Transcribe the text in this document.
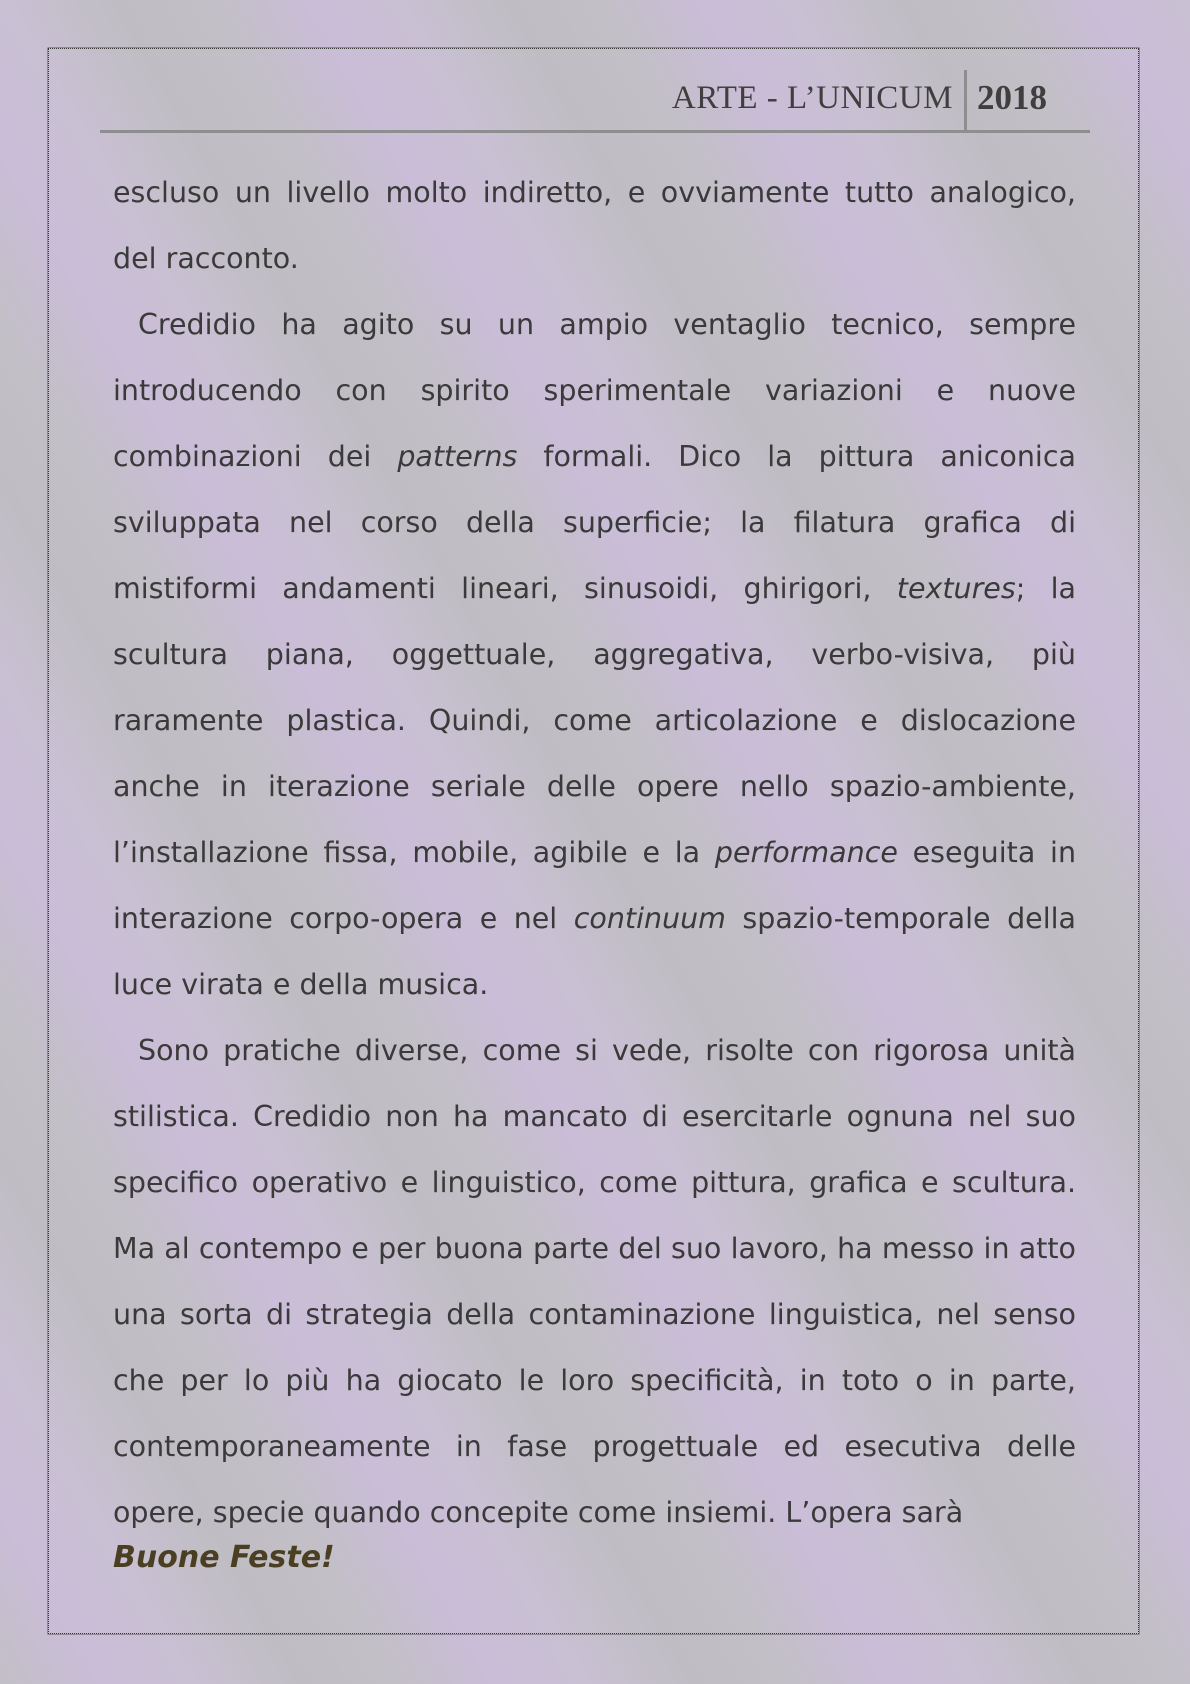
ARTE - L’UNICUM 2018

escluso un livello molto indiretto, e ovviamente tutto analogico, del racconto.

Credidio ha agito su un ampio ventaglio tecnico, sempre introducendo con spirito sperimentale variazioni e nuove combinazioni dei patterns formali. Dico la pittura aniconica sviluppata nel corso della superficie; la filatura grafica di mistiformi andamenti lineari, sinusoidi, ghirigori, textures; la scultura piana, oggettuale, aggregativa, verbo-visiva, più raramente plastica. Quindi, come articolazione e dislocazione anche in iterazione seriale delle opere nello spazio-ambiente, l’installazione fissa, mobile, agibile e la performance eseguita in interazione corpo-opera e nel continuum spazio-temporale della luce virata e della musica.

Sono pratiche diverse, come si vede, risolte con rigorosa unità stilistica. Credidio non ha mancato di esercitarle ognuna nel suo specifico operativo e linguistico, come pittura, grafica e scultura. Ma al contempo e per buona parte del suo lavoro, ha messo in atto una sorta di strategia della contaminazione linguistica, nel senso che per lo più ha giocato le loro specificità, in toto o in parte, contemporaneamente in fase progettuale ed esecutiva delle opere, specie quando concepite come insiemi. L’opera sarà

Buone Feste!
